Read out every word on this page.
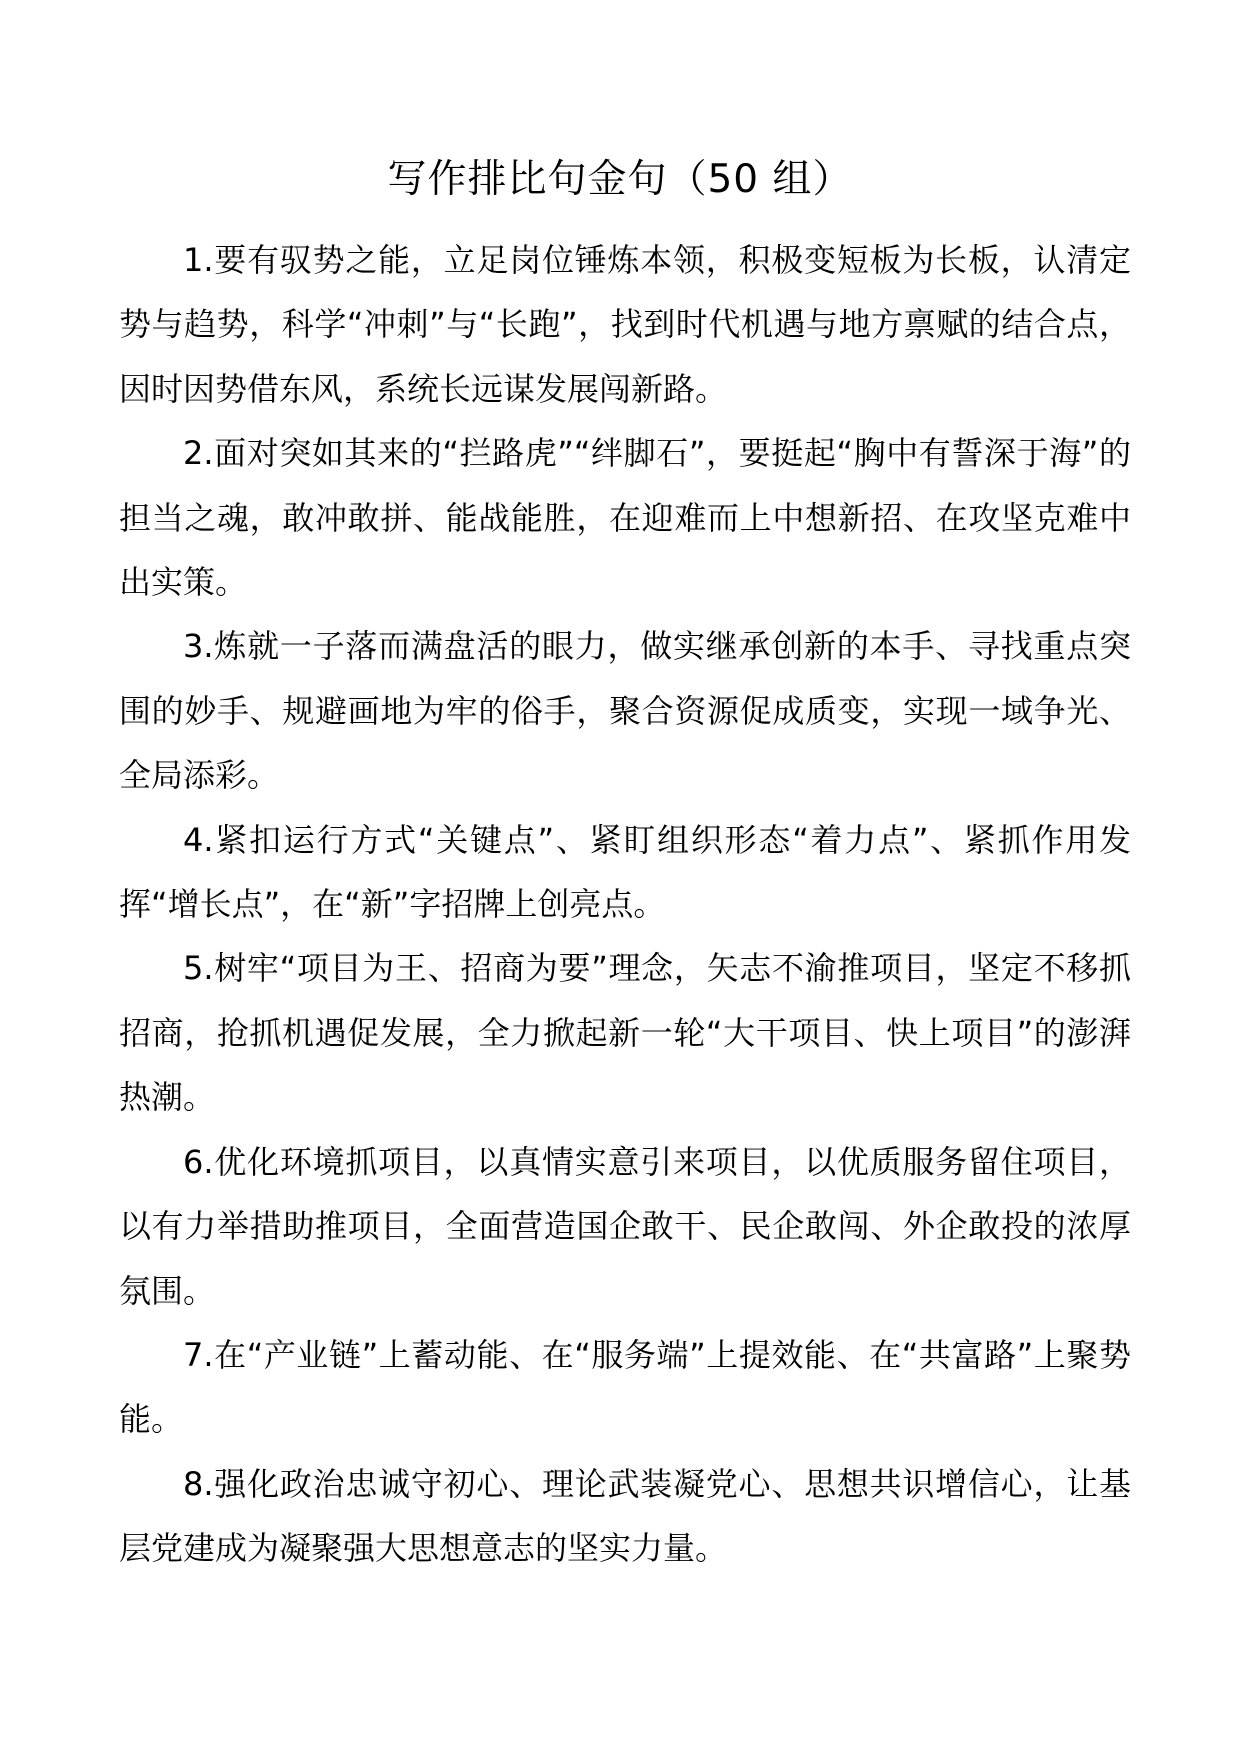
写作排比句金句（50 组）

1.要有驭势之能，立足岗位锤炼本领，积极变短板为长板，认清定势与趋势，科学“冲刺”与“长跑”，找到时代机遇与地方禀赋的结合点，因时因势借东风，系统长远谋发展闯新路。

2.面对突如其来的“拦路虎”“绊脚石”，要挺起“胸中有誓深于海”的担当之魂，敢冲敢拼、能战能胜，在迎难而上中想新招、在攻坚克难中出实策。

3.炼就一子落而满盘活的眼力，做实继承创新的本手、寻找重点突围的妙手、规避画地为牢的俗手，聚合资源促成质变，实现一域争光、全局添彩。

4.紧扣运行方式“关键点”、紧盯组织形态“着力点”、紧抓作用发挥“增长点”，在“新”字招牌上创亮点。

5.树牢“项目为王、招商为要”理念，矢志不渝推项目，坚定不移抓招商，抢抓机遇促发展，全力掀起新一轮“大干项目、快上项目”的澎湃热潮。

6.优化环境抓项目，以真情实意引来项目，以优质服务留住项目，以有力举措助推项目，全面营造国企敢干、民企敢闯、外企敢投的浓厚氛围。

7.在“产业链”上蓄动能、在“服务端”上提效能、在“共富路”上聚势能。

8.强化政治忠诚守初心、理论武装凝党心、思想共识增信心，让基层党建成为凝聚强大思想意志的坚实力量。
